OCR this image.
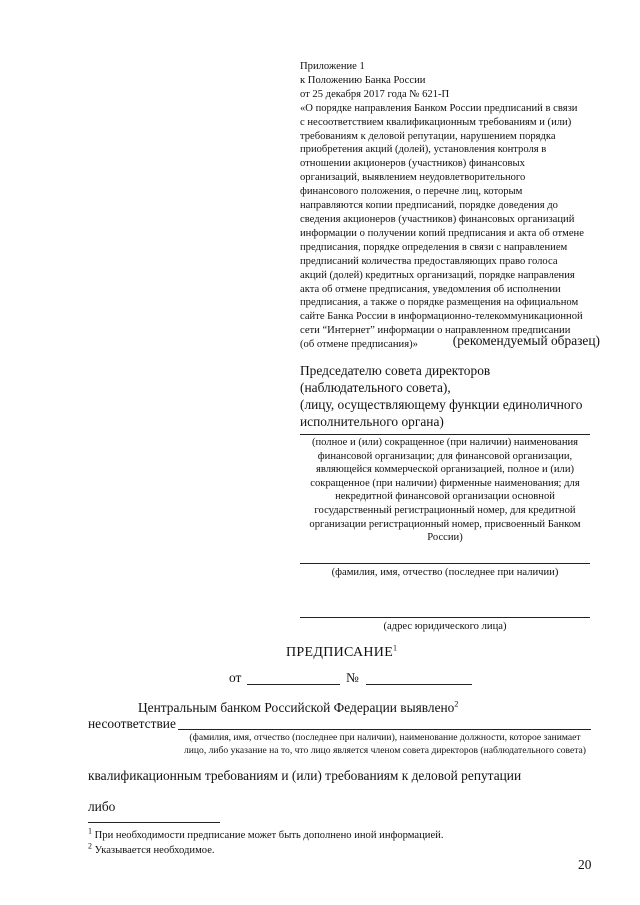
Приложение 1
к Положению Банка России
от 25 декабря 2017 года № 621-П
«О порядке направления Банком России предписаний в связи
с несоответствием квалификационным требованиям и (или)
требованиям к деловой репутации, нарушением порядка
приобретения акций (долей), установления контроля в
отношении акционеров (участников) финансовых
организаций, выявлением неудовлетворительного
финансового положения, о перечне лиц, которым
направляются копии предписаний, порядке доведения до
сведения акционеров (участников) финансовых организаций
информации о получении копий предписания и акта об отмене
предписания, порядке определения в связи с направлением
предписаний количества предоставляющих право голоса
акций (долей) кредитных организаций, порядке направления
акта об отмене предписания, уведомления об исполнении
предписания, а также о порядке размещения на официальном
сайте Банка России в информационно-телекоммуникационной
сети “Интернет” информации о направленном предписании
(об отмене предписания)»	(рекомендуемый образец)
Председателю совета директоров
(наблюдательного совета),
(лицу, осуществляющему функции единоличного
исполнительного органа)
(полное и (или) сокращенное (при наличии) наименования
финансовой организации; для финансовой организации,
являющейся коммерческой организацией, полное и (или)
сокращенное (при наличии) фирменные наименования; для
некредитной финансовой организации основной
государственный регистрационный номер, для кредитной
организации регистрационный номер, присвоенный Банком
России)
(фамилия, имя, отчество (последнее при наличии)
(адрес юридического лица)
ПРЕДПИСАНИЕ$^1$
от	№
Центральным банком Российской Федерации выявлено$^2$
несоответствие
(фамилия, имя, отчество (последнее при наличии), наименование должности, которое занимает
лицо, либо указание на то, что лицо является членом совета директоров (наблюдательного совета)
квалификационным требованиям и (или) требованиям к деловой репутации
либо
$^1$ При необходимости предписание может быть дополнено иной информацией.
$^2$ Указывается необходимое.
20
